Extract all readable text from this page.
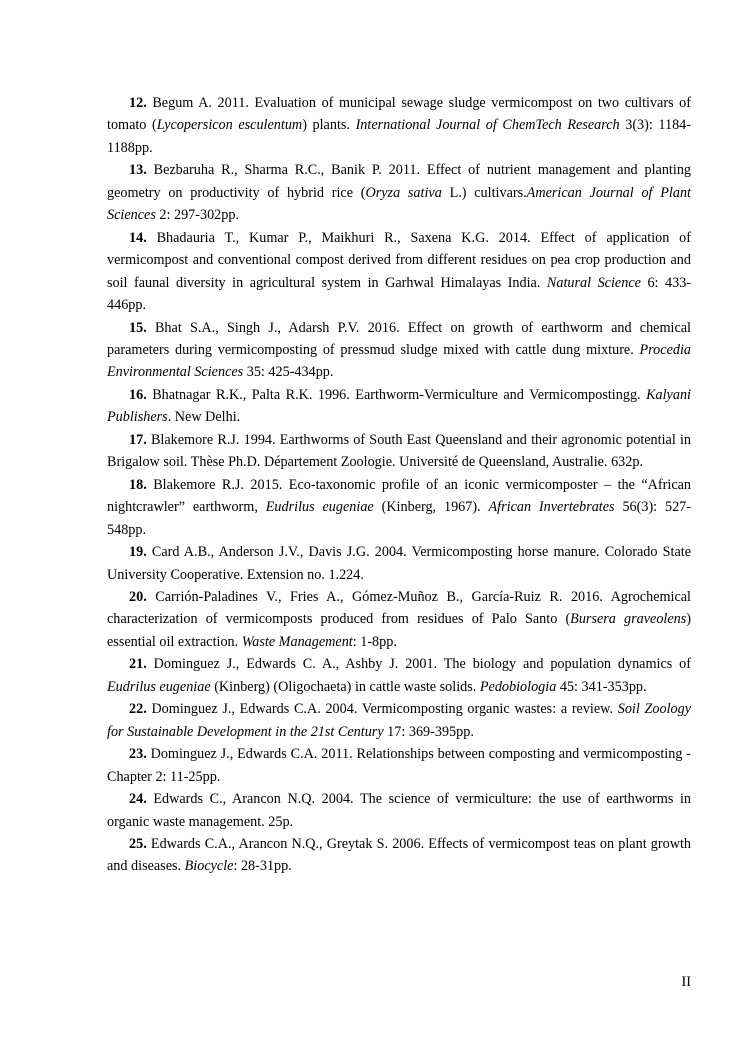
12. Begum A. 2011. Evaluation of municipal sewage sludge vermicompost on two cultivars of tomato (Lycopersicon esculentum) plants. International Journal of ChemTech Research 3(3): 1184-1188pp.

13. Bezbaruha R., Sharma R.C., Banik P. 2011. Effect of nutrient management and planting geometry on productivity of hybrid rice (Oryza sativa L.) cultivars.American Journal of Plant Sciences 2: 297-302pp.

14. Bhadauria T., Kumar P., Maikhuri R., Saxena K.G. 2014. Effect of application of vermicompost and conventional compost derived from different residues on pea crop production and soil faunal diversity in agricultural system in Garhwal Himalayas India. Natural Science 6: 433-446pp.

15. Bhat S.A., Singh J., Adarsh P.V. 2016. Effect on growth of earthworm and chemical parameters during vermicomposting of pressmud sludge mixed with cattle dung mixture. Procedia Environmental Sciences 35: 425-434pp.

16. Bhatnagar R.K., Palta R.K. 1996. Earthworm-Vermiculture and Vermicompostingg. Kalyani Publishers. New Delhi.

17. Blakemore R.J. 1994. Earthworms of South East Queensland and their agronomic potential in Brigalow soil. Thèse Ph.D. Département Zoologie. Université de Queensland, Australie. 632p.

18. Blakemore R.J. 2015. Eco-taxonomic profile of an iconic vermicomposter – the “African nightcrawler” earthworm, Eudrilus eugeniae (Kinberg, 1967). African Invertebrates 56(3): 527-548pp.

19. Card A.B., Anderson J.V., Davis J.G. 2004. Vermicomposting horse manure. Colorado State University Cooperative. Extension no. 1.224.

20. Carrión-Paladines V., Fries A., Gómez-Muñoz B., García-Ruiz R. 2016. Agrochemical characterization of vermicomposts produced from residues of Palo Santo (Bursera graveolens) essential oil extraction. Waste Management: 1-8pp.

21. Dominguez J., Edwards C. A., Ashby J. 2001. The biology and population dynamics of Eudrilus eugeniae (Kinberg) (Oligochaeta) in cattle waste solids. Pedobiologia 45: 341-353pp.

22. Dominguez J., Edwards C.A. 2004. Vermicomposting organic wastes: a review. Soil Zoology for Sustainable Development in the 21st Century 17: 369-395pp.

23. Dominguez J., Edwards C.A. 2011. Relationships between composting and vermicomposting - Chapter 2: 11-25pp.

24. Edwards C., Arancon N.Q. 2004. The science of vermiculture: the use of earthworms in organic waste management. 25p.

25. Edwards C.A., Arancon N.Q., Greytak S. 2006. Effects of vermicompost teas on plant growth and diseases. Biocycle: 28-31pp.

II
